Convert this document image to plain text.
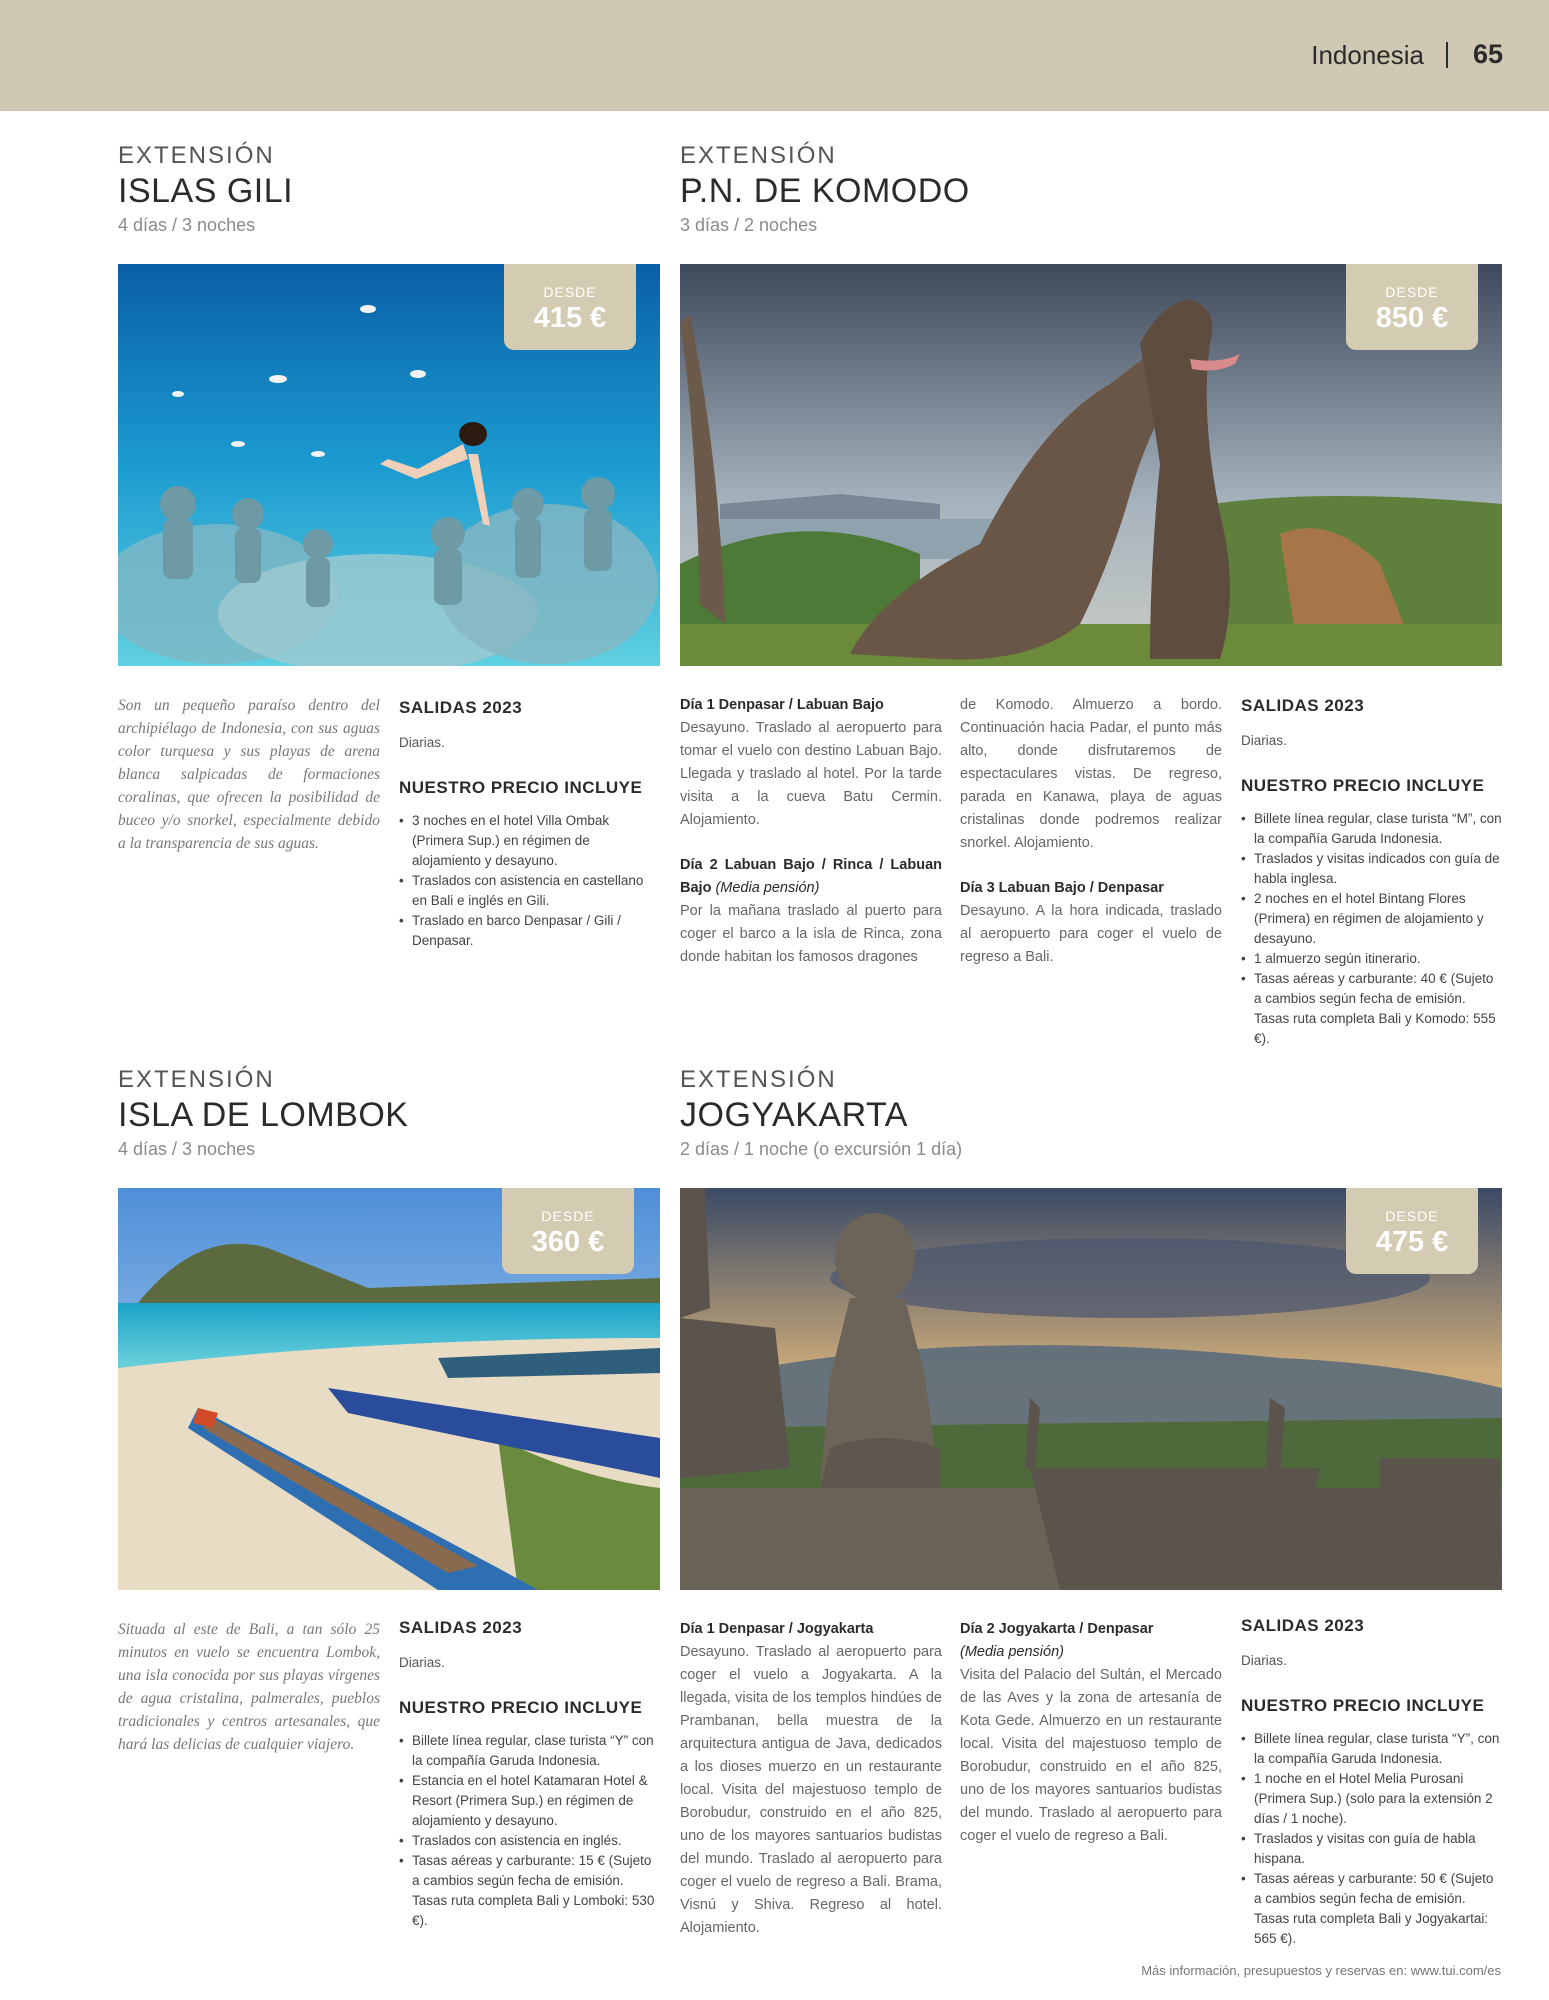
Indonesia 65
EXTENSIÓN
ISLAS GILI
4 días / 3 noches
DESDE
415 €
Son un pequeño paraíso dentro del archipiélago de Indonesia, con sus aguas color turquesa y sus playas de arena blanca salpicadas de formaciones coralinas, que ofrecen la posibilidad de buceo y/o snorkel, especialmente debido a la transparencia de sus aguas.
SALIDAS 2023
Diarias.
NUESTRO PRECIO INCLUYE
• 3 noches en el hotel Villa Ombak (Primera Sup.) en régimen de alojamiento y desayuno.
• Traslados con asistencia en castellano en Bali e inglés en Gili.
• Traslado en barco Denpasar / Gili / Denpasar.
EXTENSIÓN
P.N. DE KOMODO
3 días / 2 noches
DESDE
850 €
Día 1 Denpasar / Labuan Bajo
Desayuno. Traslado al aeropuerto para tomar el vuelo con destino Labuan Bajo. Llegada y traslado al hotel. Por la tarde visita a la cueva Batu Cermin. Alojamiento.
Día 2 Labuan Bajo / Rinca / Labuan Bajo (Media pensión)
Por la mañana traslado al puerto para coger el barco a la isla de Rinca, zona donde habitan los famosos dragones
de Komodo. Almuerzo a bordo. Continuación hacia Padar, el punto más alto, donde disfrutaremos de espectaculares vistas. De regreso, parada en Kanawa, playa de aguas cristalinas donde podremos realizar snorkel. Alojamiento.
Día 3 Labuan Bajo / Denpasar
Desayuno. A la hora indicada, traslado al aeropuerto para coger el vuelo de regreso a Bali.
SALIDAS 2023
Diarias.
NUESTRO PRECIO INCLUYE
• Billete línea regular, clase turista “M”, con la compañía Garuda Indonesia.
• Traslados y visitas indicados con guía de habla inglesa.
• 2 noches en el hotel Bintang Flores (Primera) en régimen de alojamiento y desayuno.
• 1 almuerzo según itinerario.
• Tasas aéreas y carburante: 40 € (Sujeto a cambios según fecha de emisión. Tasas ruta completa Bali y Komodo: 555 €).
EXTENSIÓN
ISLA DE LOMBOK
4 días / 3 noches
DESDE
360 €
Situada al este de Bali, a tan sólo 25 minutos en vuelo se encuentra Lombok, una isla conocida por sus playas vírgenes de agua cristalina, palmerales, pueblos tradicionales y centros artesanales, que hará las delicias de cualquier viajero.
SALIDAS 2023
Diarias.
NUESTRO PRECIO INCLUYE
• Billete línea regular, clase turista “Y” con la compañía Garuda Indonesia.
• Estancia en el hotel Katamaran Hotel & Resort (Primera Sup.) en régimen de alojamiento y desayuno.
• Traslados con asistencia en inglés.
• Tasas aéreas y carburante: 15 € (Sujeto a cambios según fecha de emisión. Tasas ruta completa Bali y Lomboki: 530 €).
EXTENSIÓN
JOGYAKARTA
2 días / 1 noche (o excursión 1 día)
DESDE
475 €
Día 1 Denpasar / Jogyakarta
Desayuno. Traslado al aeropuerto para coger el vuelo a Jogyakarta. A la llegada, visita de los templos hindúes de Prambanan, bella muestra de la arquitectura antigua de Java, dedicados a los dioses muerzo en un restaurante local. Visita del majestuoso templo de Borobudur, construido en el año 825, uno de los mayores santuarios budistas del mundo. Traslado al aeropuerto para coger el vuelo de regreso a Bali. Brama, Visnú y Shiva. Regreso al hotel. Alojamiento.
Día 2 Jogyakarta / Denpasar
(Media pensión)
Visita del Palacio del Sultán, el Mercado de las Aves y la zona de artesanía de Kota Gede. Almuerzo en un restaurante local. Visita del majestuoso templo de Borobudur, construido en el año 825, uno de los mayores santuarios budistas del mundo. Traslado al aeropuerto para coger el vuelo de regreso a Bali.
SALIDAS 2023
Diarias.
NUESTRO PRECIO INCLUYE
• Billete línea regular, clase turista “Y”, con la compañía Garuda Indonesia.
• 1 noche en el Hotel Melia Purosani (Primera Sup.) (solo para la extensión 2 días / 1 noche).
• Traslados y visitas con guía de habla hispana.
• Tasas aéreas y carburante: 50 € (Sujeto a cambios según fecha de emisión. Tasas ruta completa Bali y Jogyakartai: 565 €).
Más información, presupuestos y reservas en: www.tui.com/es
